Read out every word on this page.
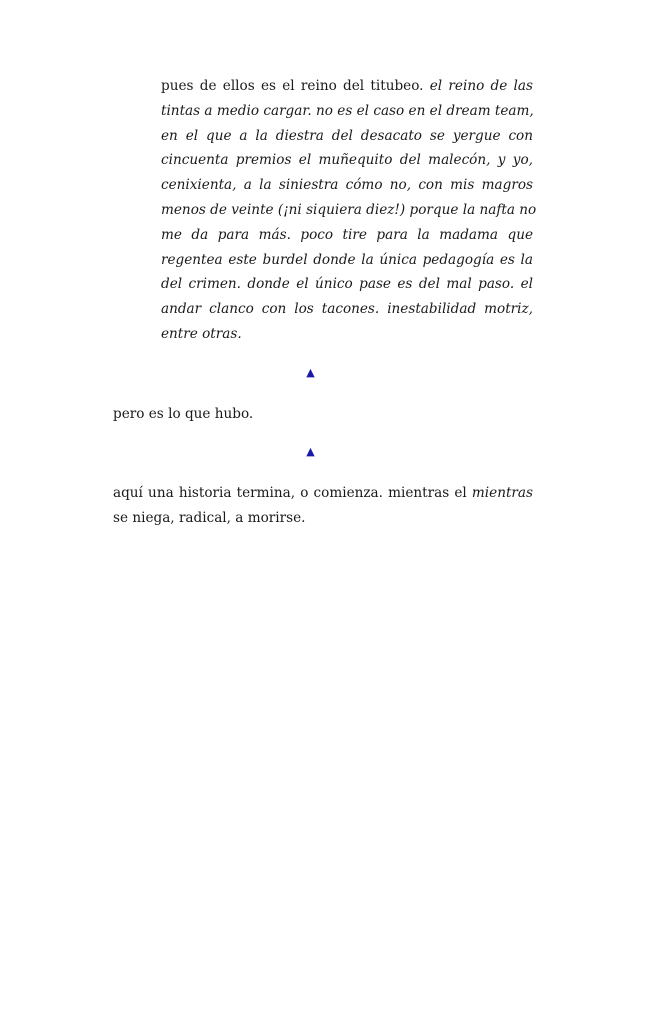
pues de ellos es el reino del titubeo. el reino de las
tintas a medio cargar. no es el caso en el dream team,
en el que a la diestra del desacato se yergue con
cincuenta premios el muñequito del malecón, y yo,
cenixienta, a la siniestra cómo no, con mis magros
menos de veinte (¡ni siquiera diez!) porque la nafta no
me da para más. poco tire para la madama que
regentea este burdel donde la única pedagogía es la
del crimen. donde el único pase es del mal paso. el
andar clanco con los tacones. inestabilidad motriz,
entre otras.
▲
pero es lo que hubo.
▲
aquí una historia termina, o comienza. mientras el mientras
se niega, radical, a morirse.
